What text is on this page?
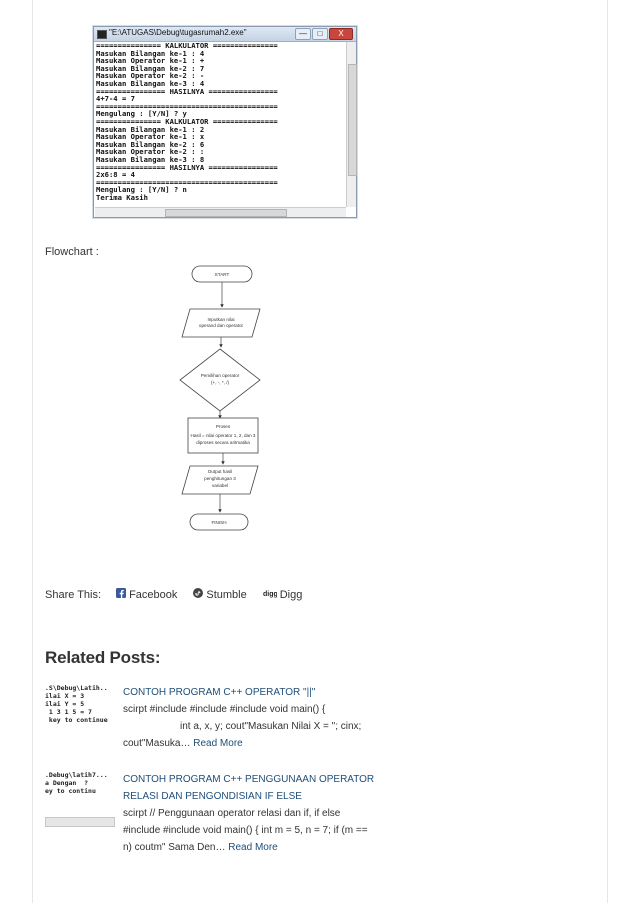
"E:\ATUGAS\Debug\tugasrumah2.exe"	—	□	X
=============== KALKULATOR ===============
Masukan Bilangan ke-1 : 4
Masukan Operator ke-1 : +
Masukan Bilangan ke-2 : 7
Masukan Operator ke-2 : -
Masukan Bilangan ke-3 : 4
================ HASILNYA ================
4+7-4 = 7
==========================================
Mengulang : [Y/N] ? y
=============== KALKULATOR ===============
Masukan Bilangan ke-1 : 2
Masukan Operator ke-1 : x
Masukan Bilangan ke-2 : 6
Masukan Operator ke-2 : :
Masukan Bilangan ke-3 : 8
================ HASILNYA ================
2x6:8 = 4
==========================================
Mengulang : [Y/N] ? n
Terima Kasih
Flowchart :
START
Inputkan nilai
operand dan operator
Pemilihan operator
(+, -, *, /)
Proses
Hasil = nilai operator 1, 2, dan 3
diproses secara aritmatika
Output hasil
penghitungan 3
variabel
FINISH
Share This:	Facebook	Stumble digg Digg
Related Posts:
.S\Debug\Latih..
ilai X = 3
ilai Y = 5
1 3 1 5 = 7
key to continue
CONTOH PROGRAM C++ OPERATOR "||"
scirpt #include #include #include void main() {
int a, x, y; cout"Masukan Nilai X = "; cinx;
cout"Masuka… Read More
.Debug\latih7...
a Dengan  ?
ey to continu
CONTOH PROGRAM C++ PENGGUNAAN OPERATOR
RELASI DAN PENGONDISIAN IF ELSE
scirpt // Penggunaan operator relasi dan if, if else
#include #include void main() { int m = 5, n = 7; if (m ==
n) coutm" Sama Den… Read More
